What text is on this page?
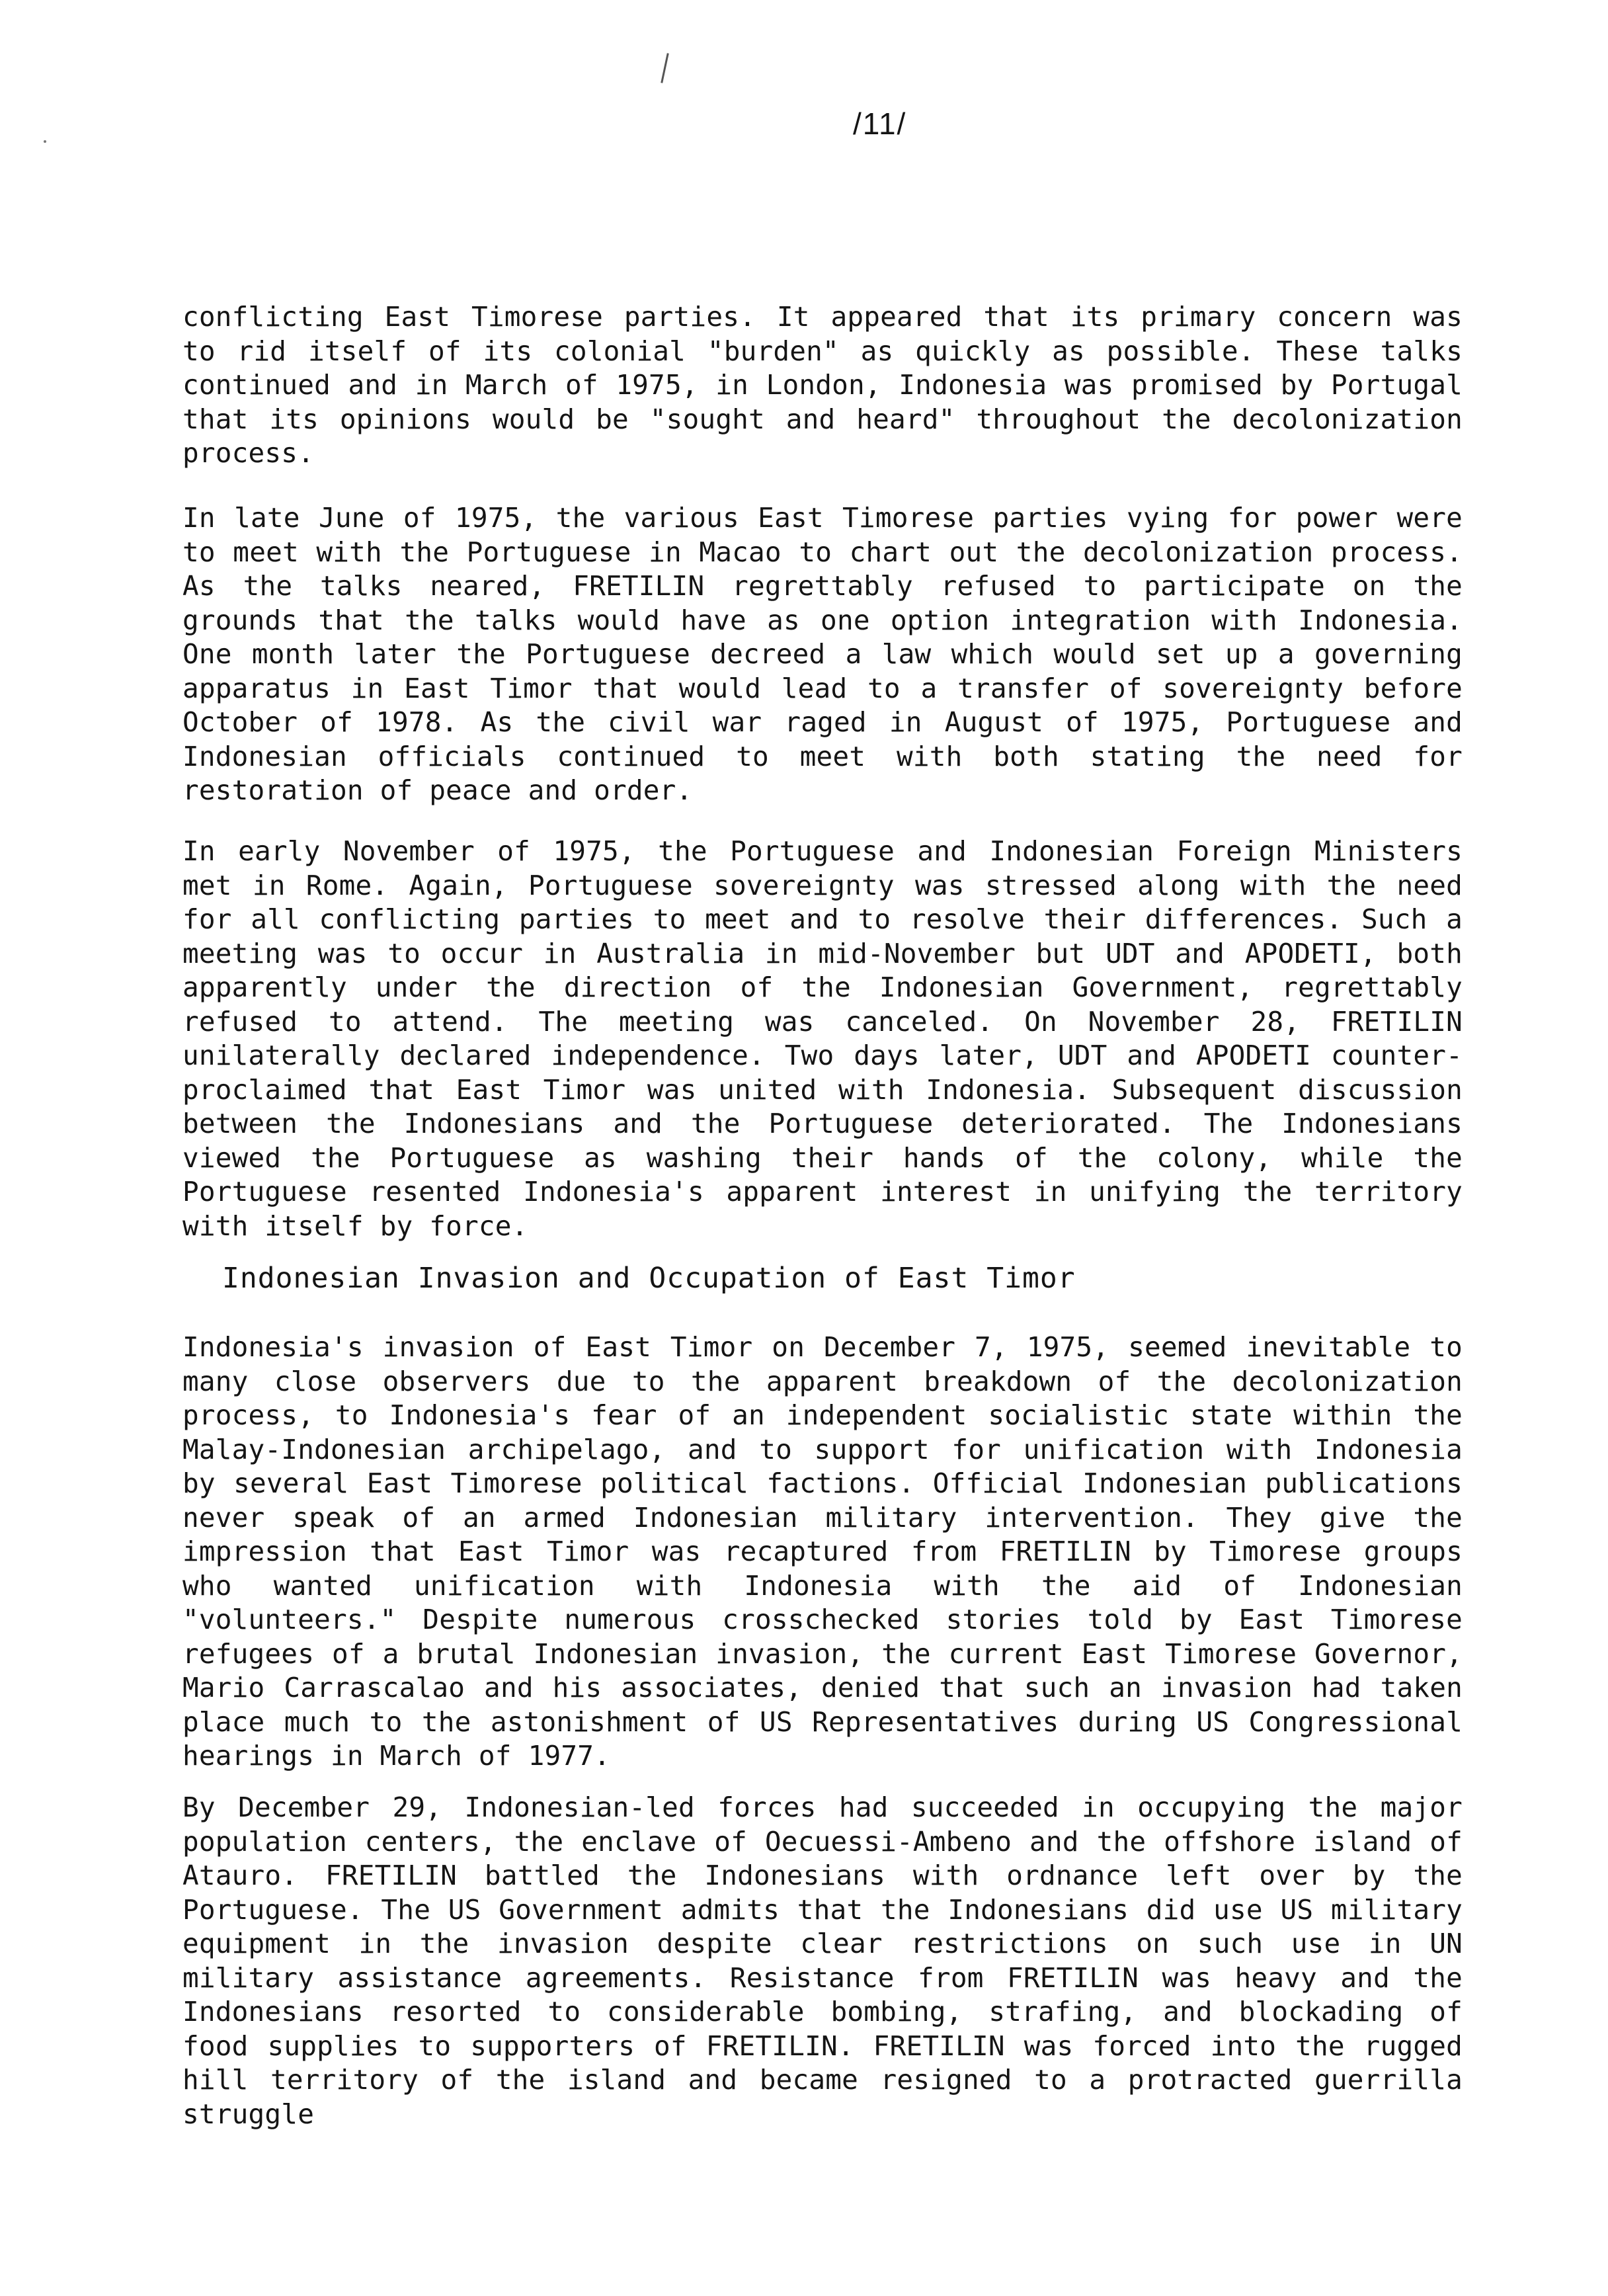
/11/

conflicting East Timorese parties. It appeared that its primary concern was to rid itself of its colonial "burden" as quickly as possible. These talks continued and in March of 1975, in London, Indonesia was promised by Portugal that its opinions would be "sought and heard" throughout the decolonization process.

In late June of 1975, the various East Timorese parties vying for power were to meet with the Portuguese in Macao to chart out the decolonization process. As the talks neared, FRETILIN regrettably refused to participate on the grounds that the talks would have as one option integration with Indonesia. One month later the Portuguese decreed a law which would set up a governing apparatus in East Timor that would lead to a transfer of sovereignty before October of 1978. As the civil war raged in August of 1975, Portuguese and Indonesian officials continued to meet with both stating the need for restoration of peace and order.

In early November of 1975, the Portuguese and Indonesian Foreign Ministers met in Rome. Again, Portuguese sovereignty was stressed along with the need for all conflicting parties to meet and to resolve their differences. Such a meeting was to occur in Australia in mid-November but UDT and APODETI, both apparently under the direction of the Indonesian Government, regrettably refused to attend. The meeting was canceled. On November 28, FRETILIN unilaterally declared independence. Two days later, UDT and APODETI counter-proclaimed that East Timor was united with Indonesia. Subsequent discussion between the Indonesians and the Portuguese deteriorated. The Indonesians viewed the Portuguese as washing their hands of the colony, while the Portuguese resented Indonesia's apparent interest in unifying the territory with itself by force.

Indonesian Invasion and Occupation of East Timor

Indonesia's invasion of East Timor on December 7, 1975, seemed inevitable to many close observers due to the apparent breakdown of the decolonization process, to Indonesia's fear of an independent socialistic state within the Malay-Indonesian archipelago, and to support for unification with Indonesia by several East Timorese political factions. Official Indonesian publications never speak of an armed Indonesian military intervention. They give the impression that East Timor was recaptured from FRETILIN by Timorese groups who wanted unification with Indonesia with the aid of Indonesian "volunteers." Despite numerous crosschecked stories told by East Timorese refugees of a brutal Indonesian invasion, the current East Timorese Governor, Mario Carrascalao and his associates, denied that such an invasion had taken place much to the astonishment of US Representatives during US Congressional hearings in March of 1977.

By December 29, Indonesian-led forces had succeeded in occupying the major population centers, the enclave of Oecuessi-Ambeno and the offshore island of Atauro. FRETILIN battled the Indonesians with ordnance left over by the Portuguese. The US Government admits that the Indonesians did use US military equipment in the invasion despite clear restrictions on such use in UN military assistance agreements. Resistance from FRETILIN was heavy and the Indonesians resorted to considerable bombing, strafing, and blockading of food supplies to supporters of FRETILIN. FRETILIN was forced into the rugged hill territory of the island and became resigned to a protracted guerrilla struggle
